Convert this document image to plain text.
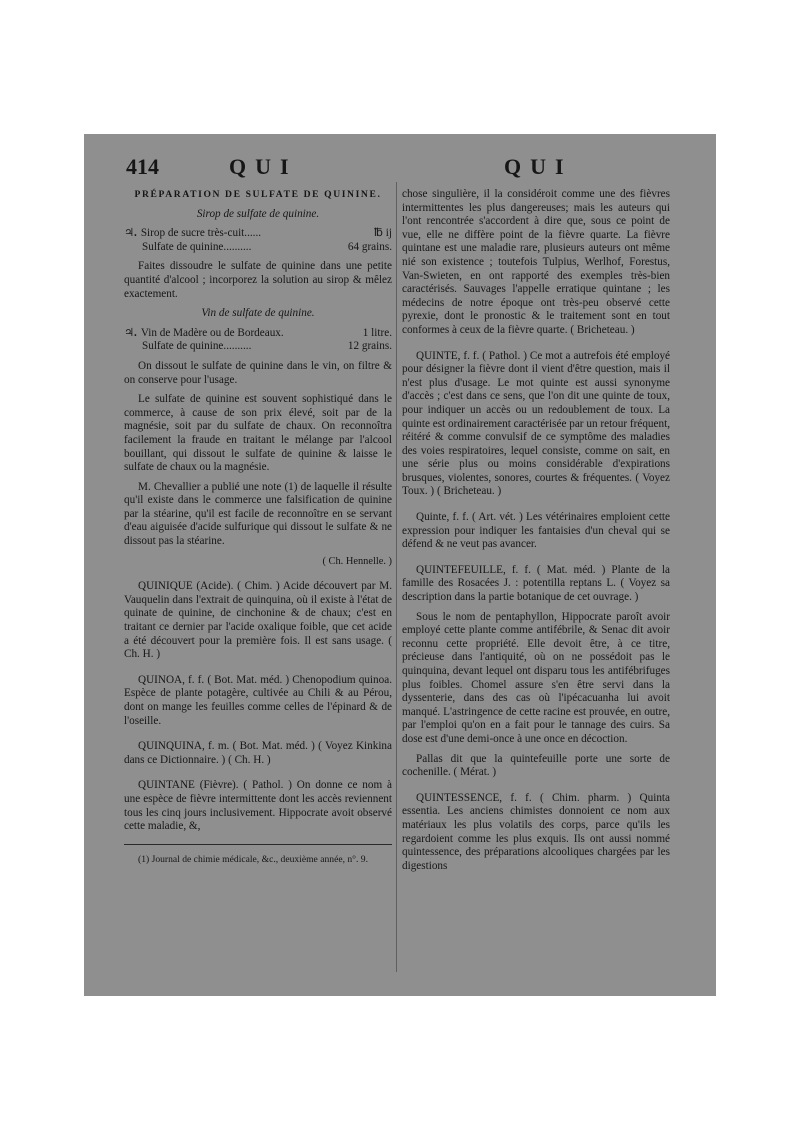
414	QUI	QUI

PRÉPARATION DE SULFATE DE QUININE.

Sirop de sulfate de quinine.

♃. Sirop de sucre très-cuit......	℔ ij
Sulfate de quinine..........	64 grains.

Faites dissoudre le sulfate de quinine dans une petite quantité d'alcool ; incorporez la solution au sirop & mêlez exactement.

Vin de sulfate de quinine.

♃. Vin de Madère ou de Bordeaux.	1 litre.
Sulfate de quinine..........	12 grains.

On dissout le sulfate de quinine dans le vin, on filtre & on conserve pour l'usage.

Le sulfate de quinine est souvent sophistiqué dans le commerce, à cause de son prix élevé, soit par de la magnésie, soit par du sulfate de chaux. On reconnoîtra facilement la fraude en traitant le mélange par l'alcool bouillant, qui dissout le sulfate de quinine & laisse le sulfate de chaux ou la magnésie.

M. Chevallier a publié une note (1) de laquelle il résulte qu'il existe dans le commerce une falsification de quinine par la stéarine, qu'il est facile de reconnoître en se servant d'eau aiguisée d'acide sulfurique qui dissout le sulfate & ne dissout pas la stéarine.

( Ch. Hennelle. )

QUINIQUE (Acide). ( Chim. ) Acide découvert par M. Vauquelin dans l'extrait de quinquina, où il existe à l'état de quinate de quinine, de cinchonine & de chaux; c'est en traitant ce dernier par l'acide oxalique foible, que cet acide a été découvert pour la première fois. Il est sans usage. ( Ch. H. )

QUINOA, f. f. ( Bot. Mat. méd. ) Chenopodium quinoa. Espèce de plante potagère, cultivée au Chili & au Pérou, dont on mange les feuilles comme celles de l'épinard & de l'oseille.

QUINQUINA, f. m. ( Bot. Mat. méd. ) ( Voyez Kinkina dans ce Dictionnaire. ) ( Ch. H. )

QUINTANE (Fièvre). ( Pathol. ) On donne ce nom à une espèce de fièvre intermittente dont les accès reviennent tous les cinq jours inclusivement. Hippocrate avoit observé cette maladie, &,

(1) Journal de chimie médicale, &c., deuxième année, n°. 9.

chose singulière, il la considéroit comme une des fièvres intermittentes les plus dangereuses; mais les auteurs qui l'ont rencontrée s'accordent à dire que, sous ce point de vue, elle ne diffère point de la fièvre quarte. La fièvre quintane est une maladie rare, plusieurs auteurs ont même nié son existence ; toutefois Tulpius, Werlhof, Forestus, Van-Swieten, en ont rapporté des exemples très-bien caractérisés. Sauvages l'appelle erratique quintane ; les médecins de notre époque ont très-peu observé cette pyrexie, dont le pronostic & le traitement sont en tout conformes à ceux de la fièvre quarte. ( Bricheteau. )

QUINTE, f. f. ( Pathol. ) Ce mot a autrefois été employé pour désigner la fièvre dont il vient d'être question, mais il n'est plus d'usage. Le mot quinte est aussi synonyme d'accès ; c'est dans ce sens, que l'on dit une quinte de toux, pour indiquer un accès ou un redoublement de toux. La quinte est ordinairement caractérisée par un retour fréquent, réitéré & comme convulsif de ce symptôme des maladies des voies respiratoires, lequel consiste, comme on sait, en une série plus ou moins considérable d'expirations brusques, violentes, sonores, courtes & fréquentes. ( Voyez Toux. ) ( Bricheteau. )

Quinte, f. f. ( Art. vét. ) Les vétérinaires emploient cette expression pour indiquer les fantaisies d'un cheval qui se défend & ne veut pas avancer.

QUINTEFEUILLE, f. f. ( Mat. méd. ) Plante de la famille des Rosacées J. : potentilla reptans L. ( Voyez sa description dans la partie botanique de cet ouvrage. )

Sous le nom de pentaphyllon, Hippocrate paroît avoir employé cette plante comme antifébrile, & Senac dit avoir reconnu cette propriété. Elle devoit être, à ce titre, précieuse dans l'antiquité, où on ne possédoit pas le quinquina, devant lequel ont disparu tous les antifébrifuges plus foibles. Chomel assure s'en être servi dans la dyssenterie, dans des cas où l'ipécacuanha lui avoit manqué. L'astringence de cette racine est prouvée, en outre, par l'emploi qu'on en a fait pour le tannage des cuirs. Sa dose est d'une demi-once à une once en décoction.

Pallas dit que la quintefeuille porte une sorte de cochenille. ( Mérat. )

QUINTESSENCE, f. f. ( Chim. pharm. ) Quinta essentia. Les anciens chimistes donnoient ce nom aux matériaux les plus volatils des corps, parce qu'ils les regardoient comme les plus exquis. Ils ont aussi nommé quintessence, des préparations alcooliques chargées par les digestions
